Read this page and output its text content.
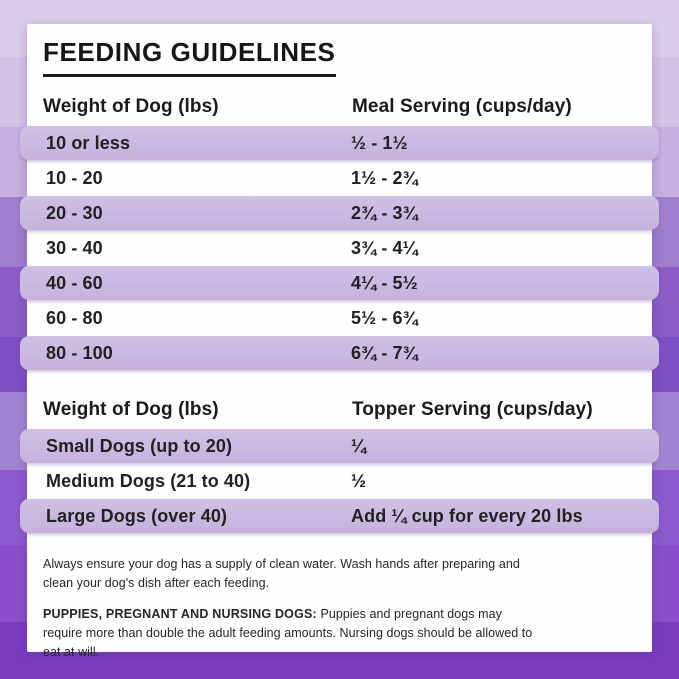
FEEDING GUIDELINES
Weight of Dog (lbs)	Meal Serving (cups/day)
10 or less	½ - 1½
10 - 20	1½ - 2¾
20 - 30	2¾ - 3¾
30 - 40	3¾ - 4¼
40 - 60	4¼ - 5½
60 - 80	5½ - 6¾
80 - 100	6¾ - 7¾
Weight of Dog (lbs)	Topper Serving (cups/day)
Small Dogs (up to 20)	¼
Medium Dogs (21 to 40)	½
Large Dogs (over 40)	Add ¼ cup for every 20 lbs

Always ensure your dog has a supply of clean water. Wash hands after preparing and clean your dog's dish after each feeding.

PUPPIES, PREGNANT AND NURSING DOGS: Puppies and pregnant dogs may require more than double the adult feeding amounts. Nursing dogs should be allowed to eat at will.
